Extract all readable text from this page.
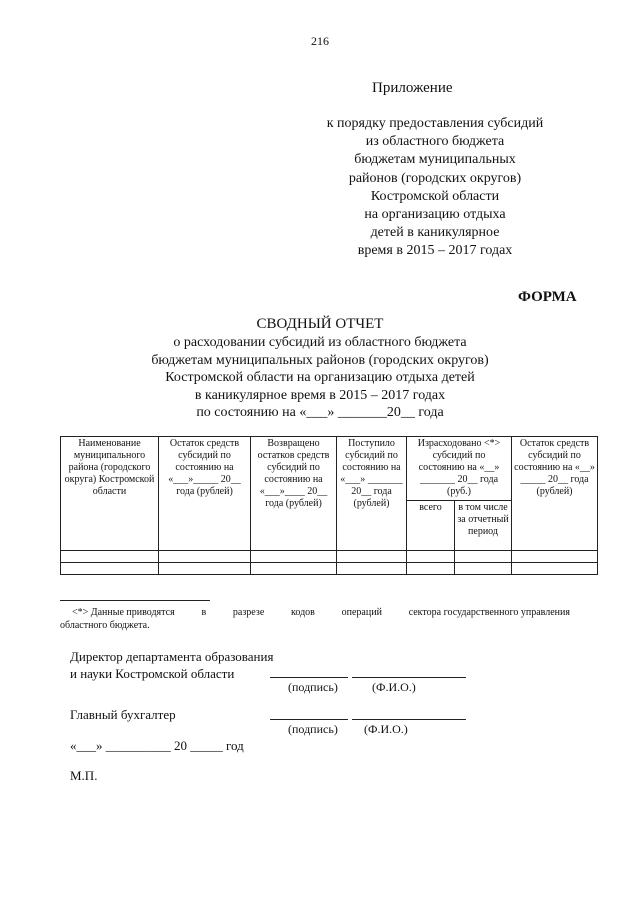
216
Приложение
к порядку предоставления субсидий
из областного бюджета
бюджетам муниципальных
районов (городских округов)
Костромской области
на организацию отдыха
детей в каникулярное
время в 2015 – 2017 годах
ФОРМА
СВОДНЫЙ ОТЧЕТ
о расходовании субсидий из областного бюджета
бюджетам муниципальных районов (городских округов)
Костромской области на организацию отдыха детей
в каникулярное время в 2015 – 2017 годах
по состоянию на «___» _______20__ года
Наименование муниципального района (городского округа) Костромской области	Остаток средств субсидий по состоянию на «___»_____ 20__ года (рублей)	Возвращено остатков средств субсидий по состоянию на «___»____ 20__ года (рублей)	Поступило субсидий по состоянию на «___» _______ 20__ года (рублей)	Израсходовано <*> субсидий по состоянию на «__» _______ 20__ года (руб.)		Остаток средств субсидий по состоянию на «__» _____ 20__ года (рублей)
				всего	в том числе за отчетный период	

<*> Данные приводятся	в	разрезе	кодов	операций	сектора государственного управления
областного бюджета.
Директор департамента образования
и науки Костромской области
(подпись)	(Ф.И.О.)
Главный бухгалтер
(подпись) (Ф.И.О.)
«___» __________ 20 _____ год
М.П.
